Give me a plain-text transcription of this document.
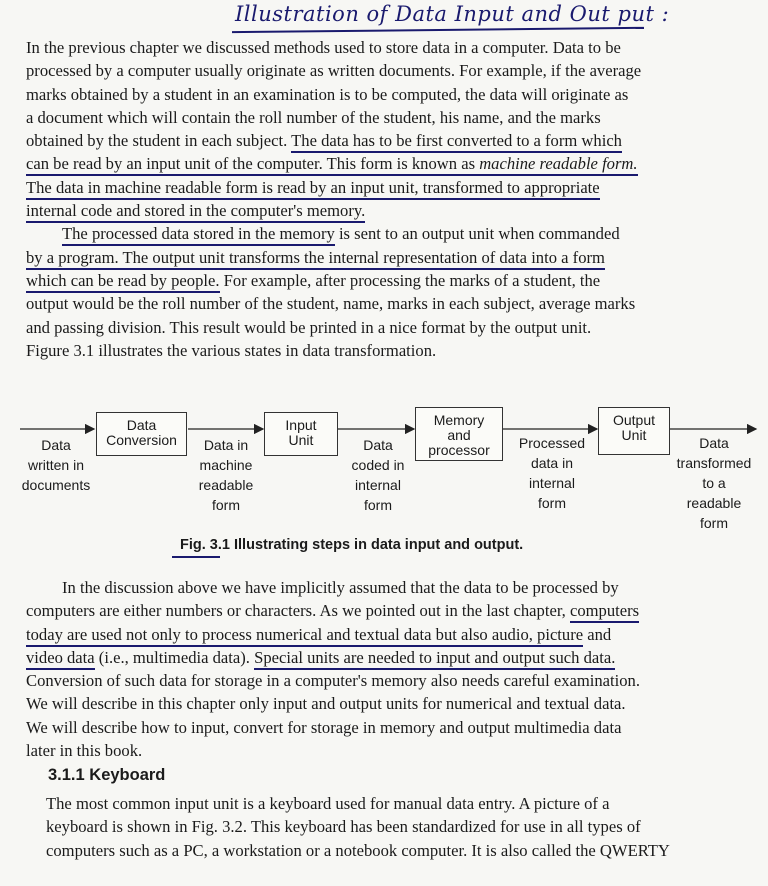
Illustration of Data Input and Out put :
In the previous chapter we discussed methods used to store data in a computer. Data to be
processed by a computer usually originate as written documents. For example, if the average
marks obtained by a student in an examination is to be computed, the data will originate as
a document which will contain the roll number of the student, his name, and the marks
obtained by the student in each subject. The data has to be first converted to a form which
can be read by an input unit of the computer. This form is known as machine readable form.
The data in machine readable form is read by an input unit, transformed to appropriate
internal code and stored in the computer's memory.
The processed data stored in the memory is sent to an output unit when commanded
by a program. The output unit transforms the internal representation of data into a form
which can be read by people. For example, after processing the marks of a student, the
output would be the roll number of the student, name, marks in each subject, average marks
and passing division. This result would be printed in a nice format by the output unit.
Figure 3.1 illustrates the various states in data transformation.
Data
Conversion
Input
Unit
Memory
and
processor
Output
Unit
Data
written in
documents
Data in
machine
readable
form
Data
coded in
internal
form
Processed
data in
internal
form
Data
transformed
to a
readable
form
Fig. 3.1 Illustrating steps in data input and output.
In the discussion above we have implicitly assumed that the data to be processed by
computers are either numbers or characters. As we pointed out in the last chapter, computers
today are used not only to process numerical and textual data but also audio, picture and
video data (i.e., multimedia data). Special units are needed to input and output such data.
Conversion of such data for storage in a computer's memory also needs careful examination.
We will describe in this chapter only input and output units for numerical and textual data.
We will describe how to input, convert for storage in memory and output multimedia data
later in this book.
3.1.1 Keyboard
The most common input unit is a keyboard used for manual data entry. A picture of a
keyboard is shown in Fig. 3.2. This keyboard has been standardized for use in all types of
computers such as a PC, a workstation or a notebook computer. It is also called the QWERTY
